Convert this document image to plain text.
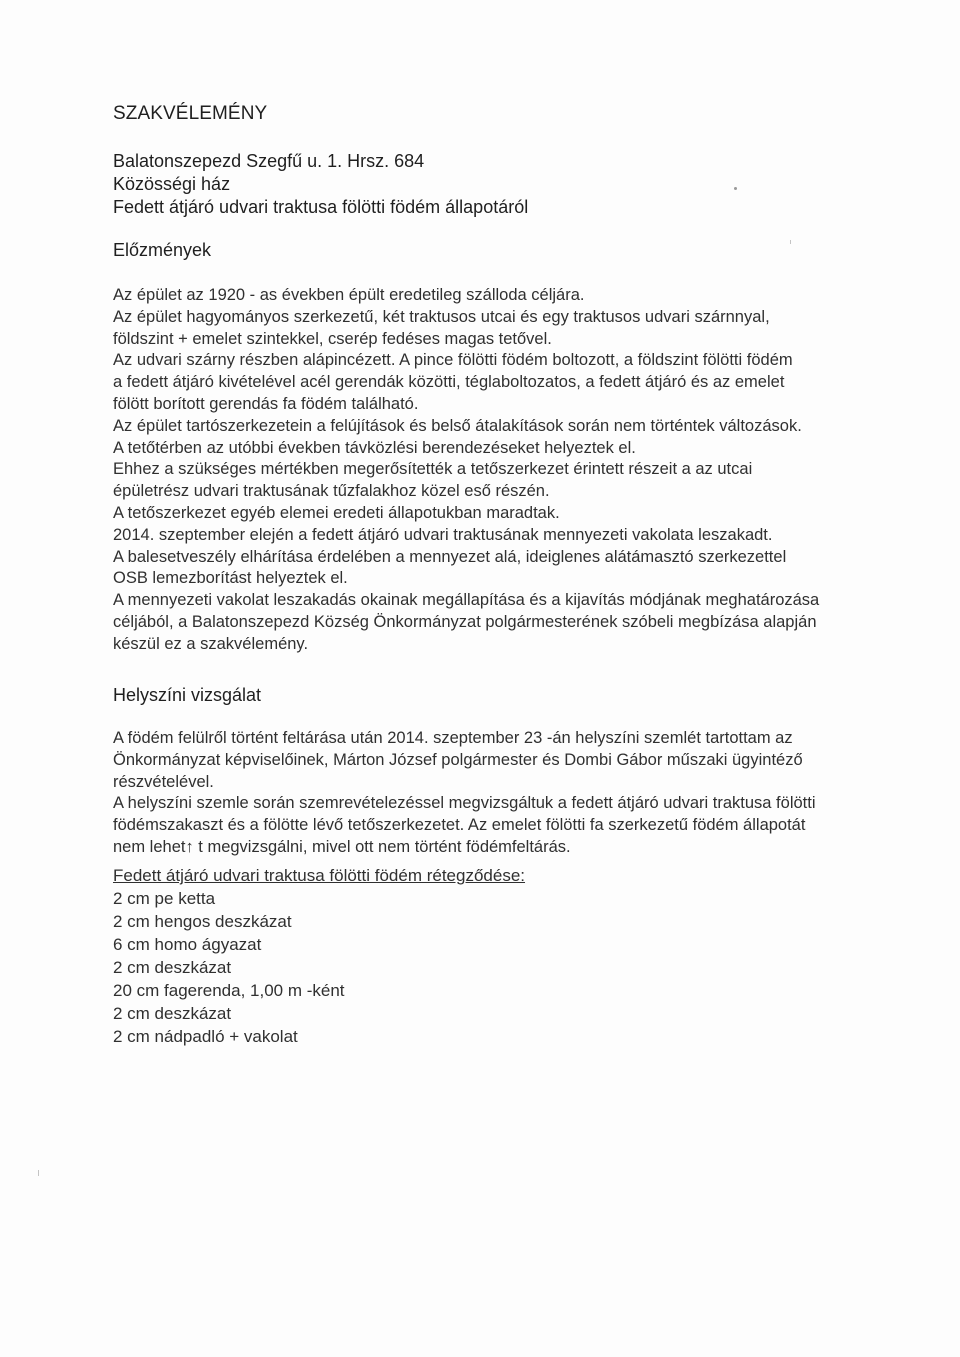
SZAKVÉLEMÉNY
Balatonszepezd Szegfű u. 1. Hrsz. 684
Közösségi ház
Fedett átjáró udvari traktusa fölötti födém állapotáról
Előzmények
Az épület az 1920 - as években épült eredetileg szálloda céljára.
Az épület hagyományos szerkezetű, két traktusos utcai és egy traktusos udvari szárnnyal,
földszint + emelet szintekkel, cserép fedéses magas tetővel.
Az udvari szárny részben alápincézett. A pince fölötti födém boltozott, a földszint fölötti födém
a fedett átjáró kivételével acél gerendák közötti, téglaboltozatos, a fedett átjáró és az emelet
fölött borított gerendás fa födém található.
Az épület tartószerkezetein a felújítások és belső átalakítások során nem történtek változások.
A tetőtérben az utóbbi években távközlési berendezéseket helyeztek el.
Ehhez a szükséges mértékben megerősítették a tetőszerkezet érintett részeit a az utcai
épületrész udvari traktusának tűzfalakhoz közel eső részén.
A tetőszerkezet egyéb elemei eredeti állapotukban maradtak.
2014. szeptember elején a fedett átjáró udvari traktusának mennyezeti vakolata leszakadt.
A balesetveszély elhárítása érdelében a mennyezet alá, ideiglenes alátámasztó szerkezettel
OSB lemezborítást helyeztek el.
A mennyezeti vakolat leszakadás okainak megállapítása és a kijavítás módjának meghatározása
céljából, a Balatonszepezd Község Önkormányzat polgármesterének szóbeli megbízása alapján
készül ez a szakvélemény.
Helyszíni vizsgálat
A födém felülről történt feltárása után 2014. szeptember 23 -án helyszíni szemlét tartottam az
Önkormányzat képviselőinek, Márton József polgármester és Dombi Gábor műszaki ügyintéző
részvételével.
A helyszíni szemle során szemrevételezéssel megvizsgáltuk a fedett átjáró udvari traktusa fölötti
födémszakaszt és a fölötte lévő tetőszerkezetet. Az emelet fölötti fa szerkezetű födém állapotát
nem lehet↑ t megvizsgálni, mivel ott nem történt födémfeltárás.
Fedett átjáró udvari traktusa fölötti födém rétegződése:
2 cm pe ketta
2 cm hengos deszkázat
6 cm homo ágyazat
2 cm deszkázat
20 cm fagerenda, 1,00 m -ként
2 cm deszkázat
2 cm nádpadló + vakolat
